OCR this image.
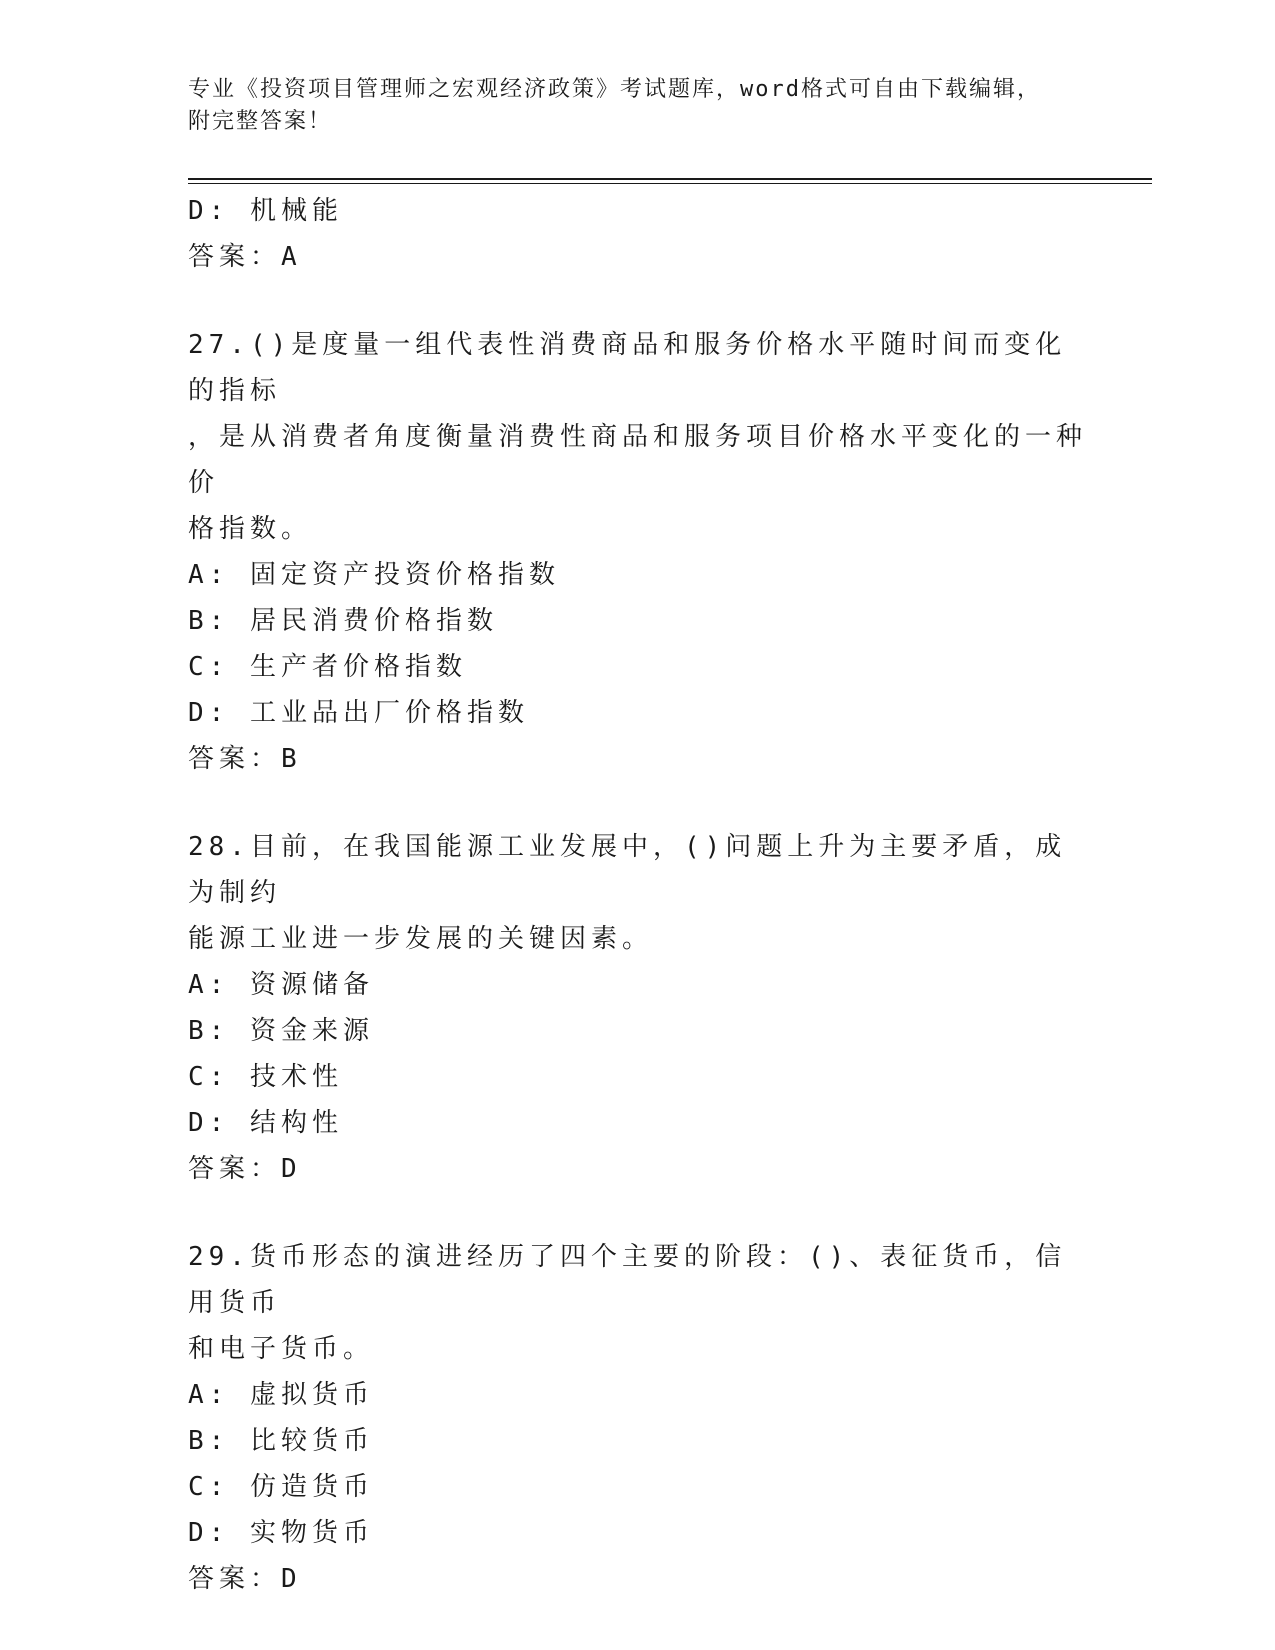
专业《投资项目管理师之宏观经济政策》考试题库，word格式可自由下载编辑，
附完整答案！
D: 机械能
答案：A
27.()是度量一组代表性消费商品和服务价格水平随时间而变化的指标
，是从消费者角度衡量消费性商品和服务项目价格水平变化的一种价
格指数。
A: 固定资产投资价格指数
B: 居民消费价格指数
C: 生产者价格指数
D: 工业品出厂价格指数
答案：B
28.目前，在我国能源工业发展中，()问题上升为主要矛盾，成为制约
能源工业进一步发展的关键因素。
A: 资源储备
B: 资金来源
C: 技术性
D: 结构性
答案：D
29.货币形态的演进经历了四个主要的阶段：()、表征货币，信用货币
和电子货币。
A: 虚拟货币
B: 比较货币
C: 仿造货币
D: 实物货币
答案：D
